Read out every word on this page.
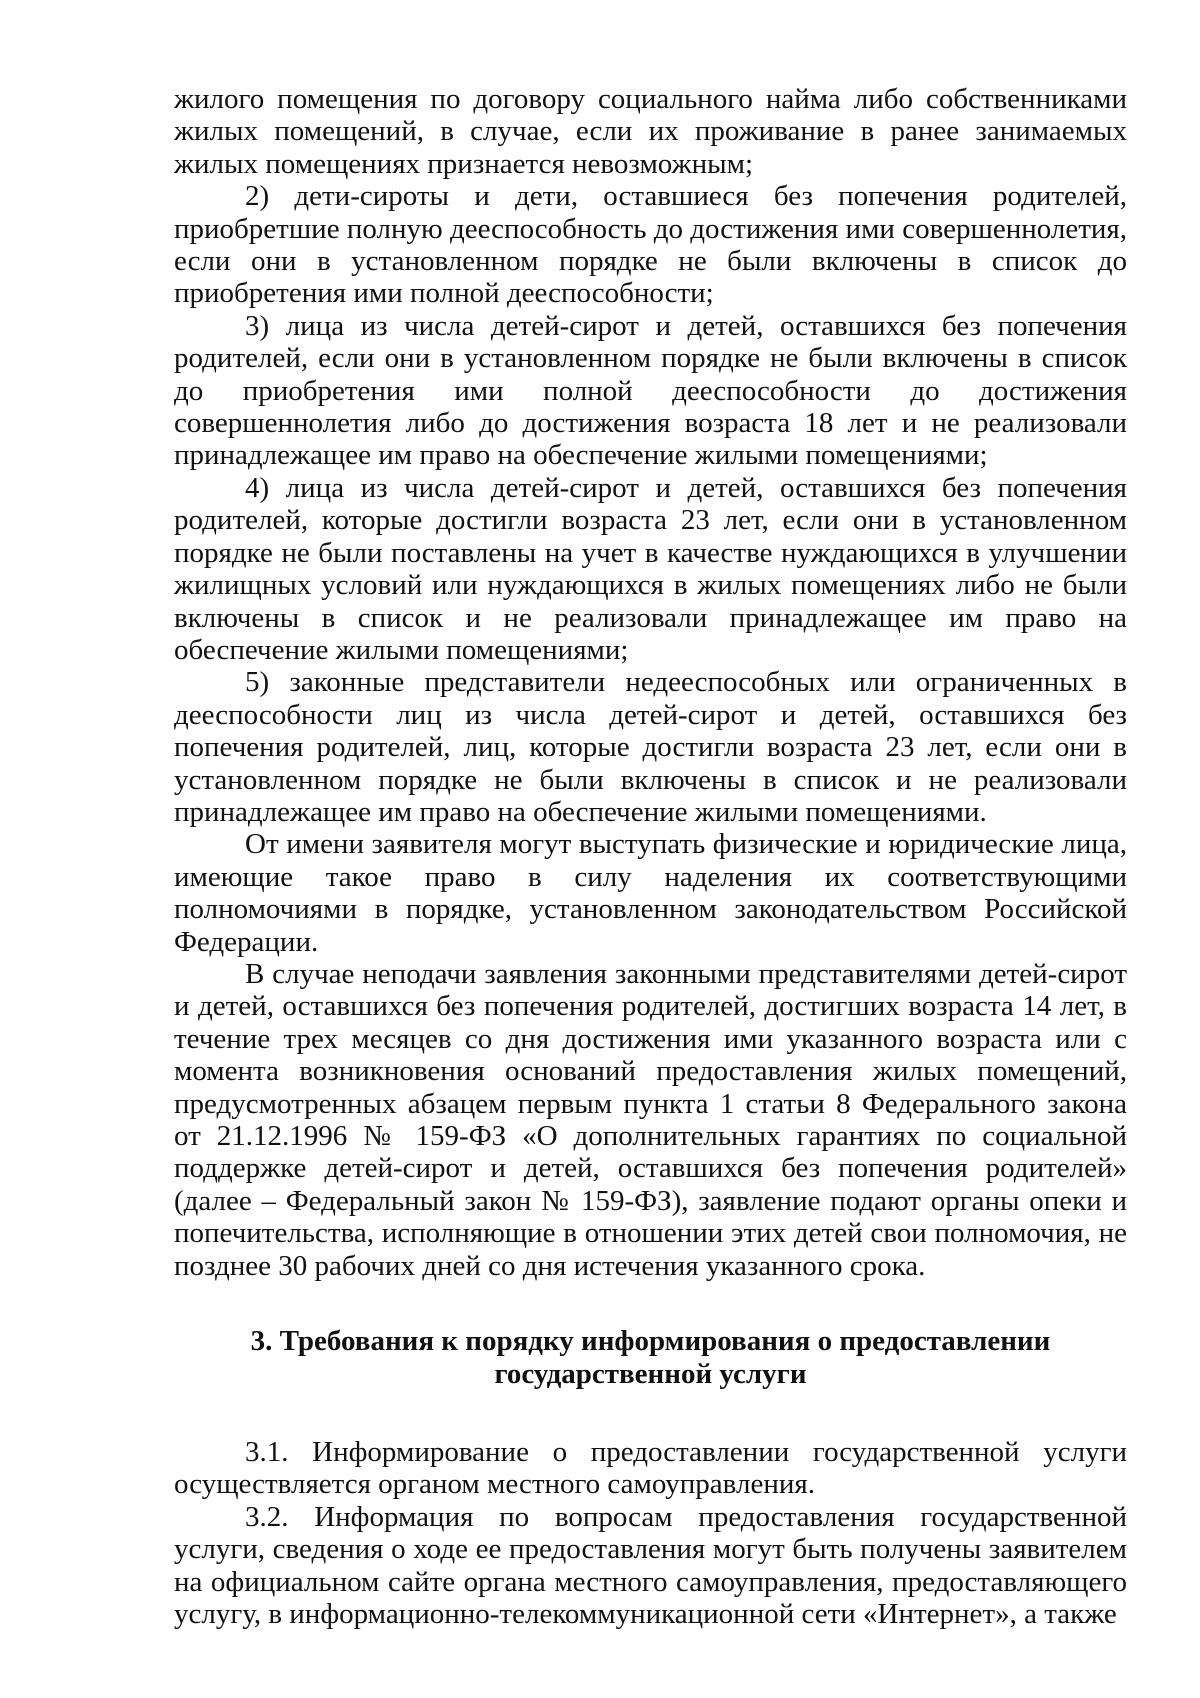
жилого помещения по договору социального найма либо собственниками жилых помещений, в случае, если их проживание в ранее занимаемых жилых помещениях признается невозможным;

2) дети-сироты и дети, оставшиеся без попечения родителей, приобретшие полную дееспособность до достижения ими совершеннолетия, если они в установленном порядке не были включены в список до приобретения ими полной дееспособности;

3) лица из числа детей-сирот и детей, оставшихся без попечения родителей, если они в установленном порядке не были включены в список до приобретения ими полной дееспособности до достижения совершеннолетия либо до достижения возраста 18 лет и не реализовали принадлежащее им право на обеспечение жилыми помещениями;

4) лица из числа детей-сирот и детей, оставшихся без попечения родителей, которые достигли возраста 23 лет, если они в установленном порядке не были поставлены на учет в качестве нуждающихся в улучшении жилищных условий или нуждающихся в жилых помещениях либо не были включены в список и не реализовали принадлежащее им право на обеспечение жилыми помещениями;

5) законные представители недееспособных или ограниченных в дееспособности лиц из числа детей-сирот и детей, оставшихся без попечения родителей, лиц, которые достигли возраста 23 лет, если они в установленном порядке не были включены в список и не реализовали принадлежащее им право на обеспечение жилыми помещениями.

От имени заявителя могут выступать физические и юридические лица, имеющие такое право в силу наделения их соответствующими полномочиями в порядке, установленном законодательством Российской Федерации.

В случае неподачи заявления законными представителями детей-сирот и детей, оставшихся без попечения родителей, достигших возраста 14 лет, в течение трех месяцев со дня достижения ими указанного возраста или с момента возникновения оснований предоставления жилых помещений, предусмотренных абзацем первым пункта 1 статьи 8 Федерального закона от 21.12.1996 № 159-ФЗ «О дополнительных гарантиях по социальной поддержке детей-сирот и детей, оставшихся без попечения родителей» (далее – Федеральный закон № 159-ФЗ), заявление подают органы опеки и попечительства, исполняющие в отношении этих детей свои полномочия, не позднее 30 рабочих дней со дня истечения указанного срока.

3. Требования к порядку информирования о предоставлении
государственной услуги

3.1. Информирование о предоставлении государственной услуги осуществляется органом местного самоуправления.

3.2. Информация по вопросам предоставления государственной услуги, сведения о ходе ее предоставления могут быть получены заявителем на официальном сайте органа местного самоуправления, предоставляющего услугу, в информационно-телекоммуникационной сети «Интернет», а также
